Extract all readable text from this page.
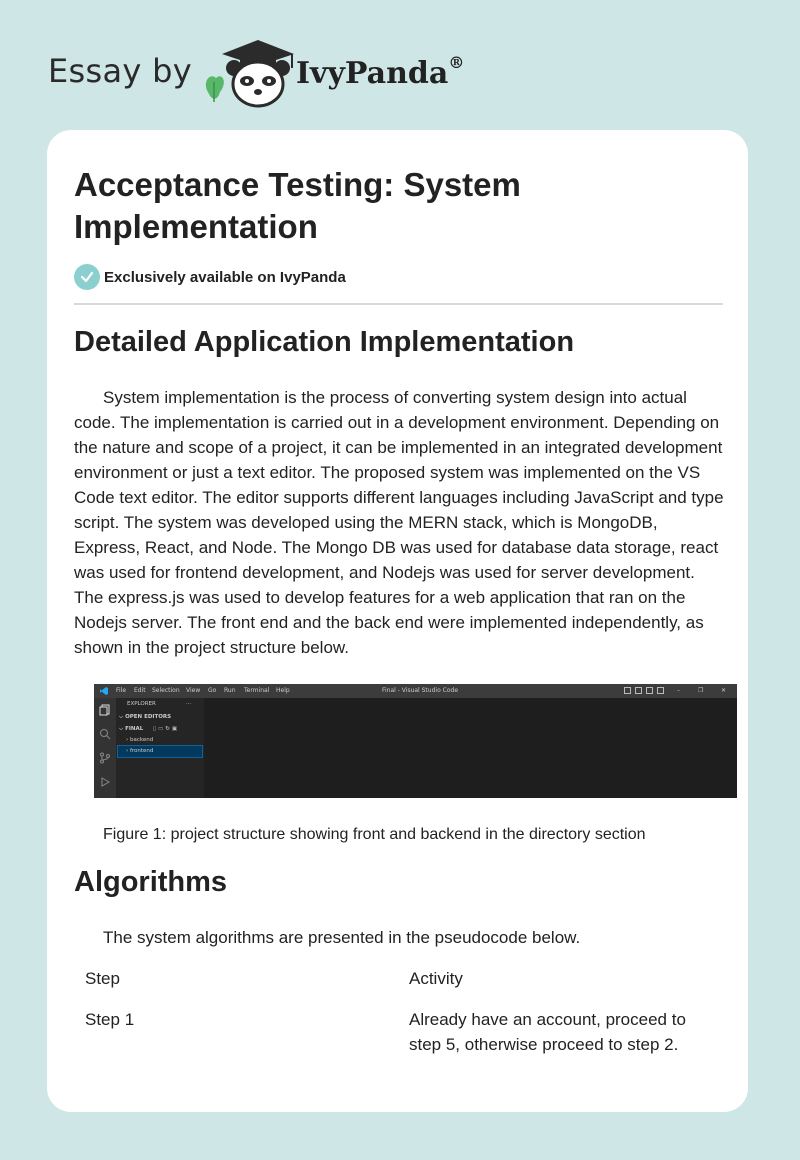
Essay by	IvyPanda®
Acceptance Testing: System Implementation
Exclusively available on IvyPanda
Detailed Application Implementation

System implementation is the process of converting system design into actual code. The implementation is carried out in a development environment. Depending on the nature and scope of a project, it can be implemented in an integrated development environment or just a text editor. The proposed system was implemented on the VS Code text editor. The editor supports different languages including JavaScript and type script. The system was developed using the MERN stack, which is MongoDB, Express, React, and Node. The Mongo DB was used for database data storage, react was used for frontend development, and Nodejs was used for server development. The express.js was used to develop features for a web application that ran on the Nodejs server. The front end and the back end were implemented independently, as shown in the project structure below.

File Edit Selection View Go Run Terminal Help	Final - Visual Studio Code	–	❐	✕
EXPLORER	···
⌵ OPEN EDITORS
⌵ FINAL ▯▭↻▣
› backend
› frontend

Figure 1: project structure showing front and backend in the directory section

Algorithms

The system algorithms are presented in the pseudocode below.

Step	Activity
Step 1	Already have an account, proceed to step 5, otherwise proceed to step 2.
